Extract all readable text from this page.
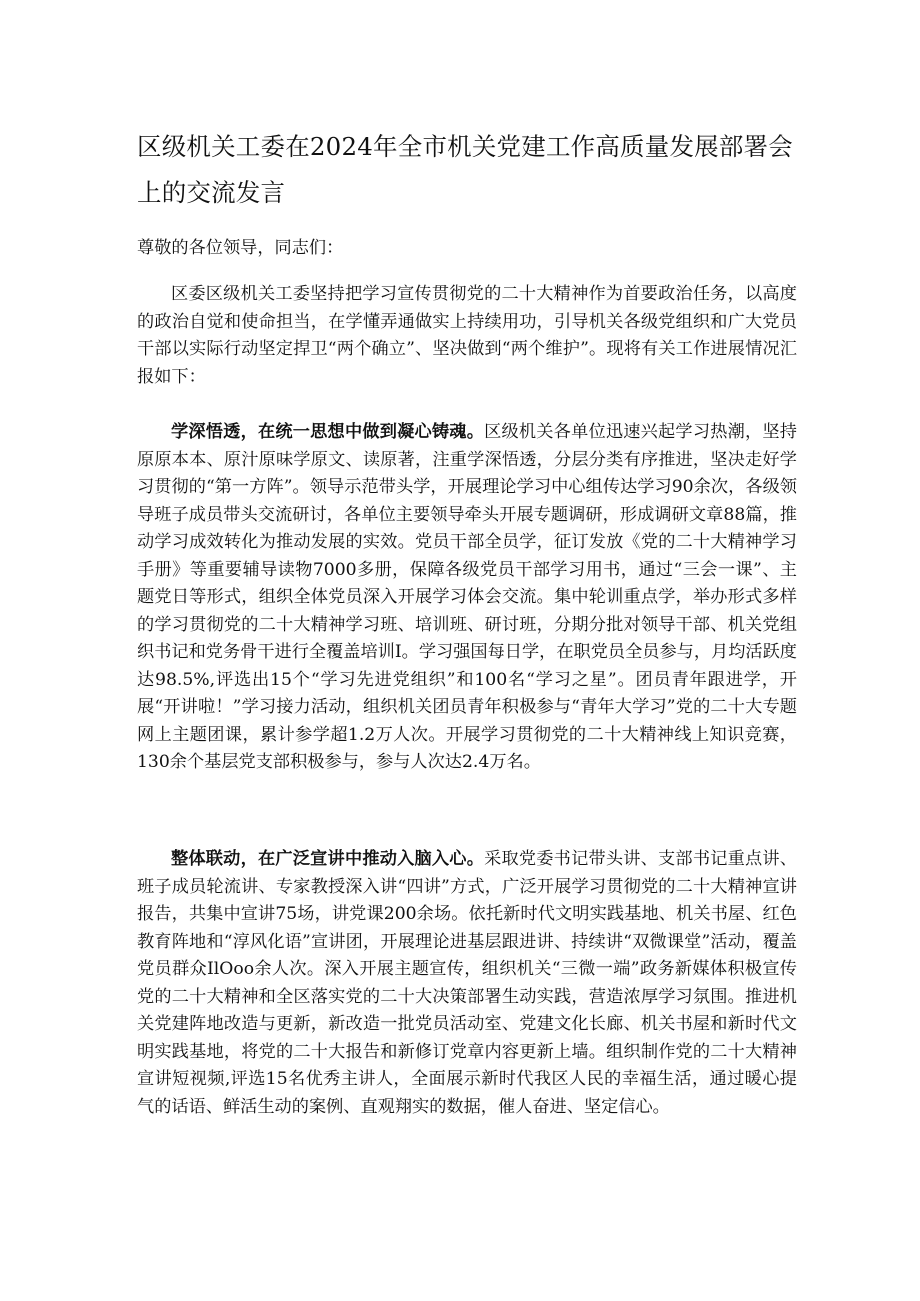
区级机关工委在2024年全市机关党建工作高质量发展部署会上的交流发言

尊敬的各位领导，同志们：

区委区级机关工委坚持把学习宣传贯彻党的二十大精神作为首要政治任务，以高度的政治自觉和使命担当，在学懂弄通做实上持续用功，引导机关各级党组织和广大党员干部以实际行动坚定捍卫“两个确立”、坚决做到“两个维护”。现将有关工作进展情况汇报如下：

学深悟透，在统一思想中做到凝心铸魂。区级机关各单位迅速兴起学习热潮，坚持原原本本、原汁原味学原文、读原著，注重学深悟透，分层分类有序推进，坚决走好学习贯彻的“第一方阵”。领导示范带头学，开展理论学习中心组传达学习90余次，各级领导班子成员带头交流研讨，各单位主要领导牵头开展专题调研，形成调研文章88篇，推动学习成效转化为推动发展的实效。党员干部全员学，征订发放《党的二十大精神学习手册》等重要辅导读物7000多册，保障各级党员干部学习用书，通过“三会一课”、主题党日等形式，组织全体党员深入开展学习体会交流。集中轮训重点学，举办形式多样的学习贯彻党的二十大精神学习班、培训班、研讨班，分期分批对领导干部、机关党组织书记和党务骨干进行全覆盖培训I。学习强国每日学，在职党员全员参与，月均活跃度达98.5%,评选出15个“学习先进党组织”和100名“学习之星”。团员青年跟进学，开展“开讲啦！”学习接力活动，组织机关团员青年积极参与“青年大学习”党的二十大专题网上主题团课，累计参学超1.2万人次。开展学习贯彻党的二十大精神线上知识竞赛，130余个基层党支部积极参与，参与人次达2.4万名。

整体联动，在广泛宣讲中推动入脑入心。采取党委书记带头讲、支部书记重点讲、班子成员轮流讲、专家教授深入讲“四讲”方式，广泛开展学习贯彻党的二十大精神宣讲报告，共集中宣讲75场，讲党课200余场。依托新时代文明实践基地、机关书屋、红色教育阵地和“淳风化语”宣讲团，开展理论进基层跟进讲、持续讲“双微课堂”活动，覆盖党员群众IlOoo余人次。深入开展主题宣传，组织机关“三微一端”政务新媒体积极宣传党的二十大精神和全区落实党的二十大决策部署生动实践，营造浓厚学习氛围。推进机关党建阵地改造与更新，新改造一批党员活动室、党建文化长廊、机关书屋和新时代文明实践基地，将党的二十大报告和新修订党章内容更新上墙。组织制作党的二十大精神宣讲短视频,评选15名优秀主讲人，全面展示新时代我区人民的幸福生活，通过暖心提气的话语、鲜活生动的案例、直观翔实的数据，催人奋进、坚定信心。
